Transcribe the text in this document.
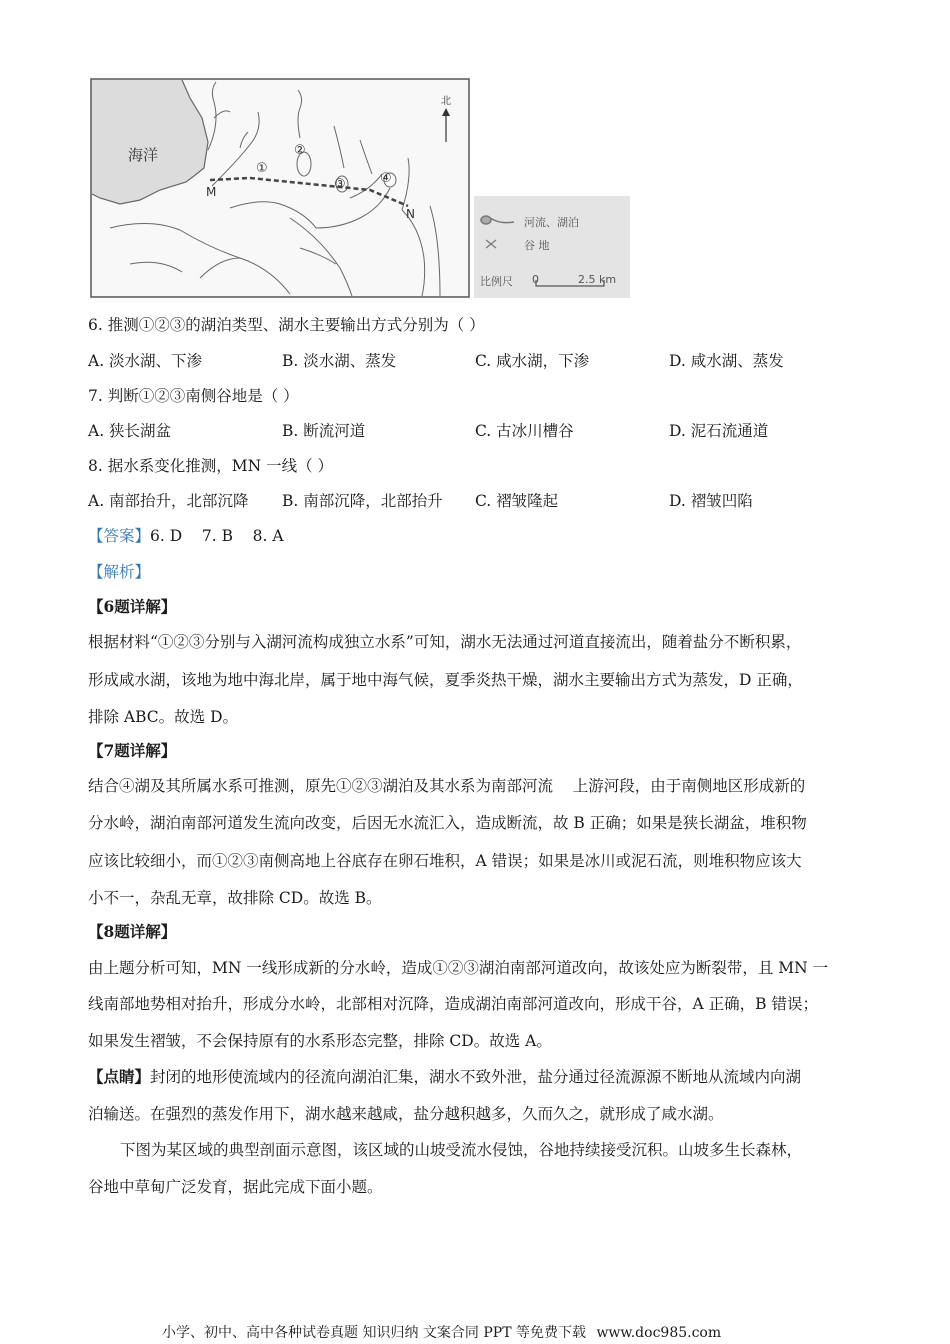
海洋
M
N
①
②
③	④
北
河流、湖泊
谷 地
比例尺 0	2.5 km
6. 推测①②③的湖泊类型、湖水主要输出方式分别为（ ）
A. 淡水湖、下渗	B. 淡水湖、蒸发	C. 咸水湖，下渗	D. 咸水湖、蒸发
7. 判断①②③南侧谷地是（ ）
A. 狭长湖盆	B. 断流河道	C. 古冰川槽谷	D. 泥石流通道
8. 据水系变化推测，MN 一线（ ）
A. 南部抬升，北部沉降 B. 南部沉降，北部抬升 C. 褶皱隆起	D. 褶皱凹陷
【答案】6. D    7. B    8. A
【解析】
【6题详解】
根据材料“①②③分别与入湖河流构成独立水系”可知，湖水无法通过河道直接流出，随着盐分不断积累，
形成咸水湖，该地为地中海北岸，属于地中海气候，夏季炎热干燥，湖水主要输出方式为蒸发，D 正确，
排除 ABC。故选 D。
【7题详解】
结合④湖及其所属水系可推测，原先①②③湖泊及其水系为南部河流    上游河段，由于南侧地区形成新的
分水岭，湖泊南部河道发生流向改变，后因无水流汇入，造成断流，故 B 正确；如果是狭长湖盆，堆积物
应该比较细小，而①②③南侧高地上谷底存在卵石堆积，A 错误；如果是冰川或泥石流，则堆积物应该大
小不一，杂乱无章，故排除 CD。故选 B。
【8题详解】
由上题分析可知，MN 一线形成新的分水岭，造成①②③湖泊南部河道改向，故该处应为断裂带，且 MN 一
线南部地势相对抬升，形成分水岭，北部相对沉降，造成湖泊南部河道改向，形成干谷，A 正确，B 错误；
如果发生褶皱，不会保持原有的水系形态完整，排除 CD。故选 A。
【点睛】封闭的地形使流域内的径流向湖泊汇集，湖水不致外泄，盐分通过径流源源不断地从流域内向湖
泊输送。在强烈的蒸发作用下，湖水越来越咸，盐分越积越多，久而久之，就形成了咸水湖。
下图为某区域的典型剖面示意图，该区域的山坡受流水侵蚀，谷地持续接受沉积。山坡多生长森林，
谷地中草甸广泛发育，据此完成下面小题。
小学、初中、高中各种试卷真题 知识归纳 文案合同 PPT 等免费下载 www.doc985.com
